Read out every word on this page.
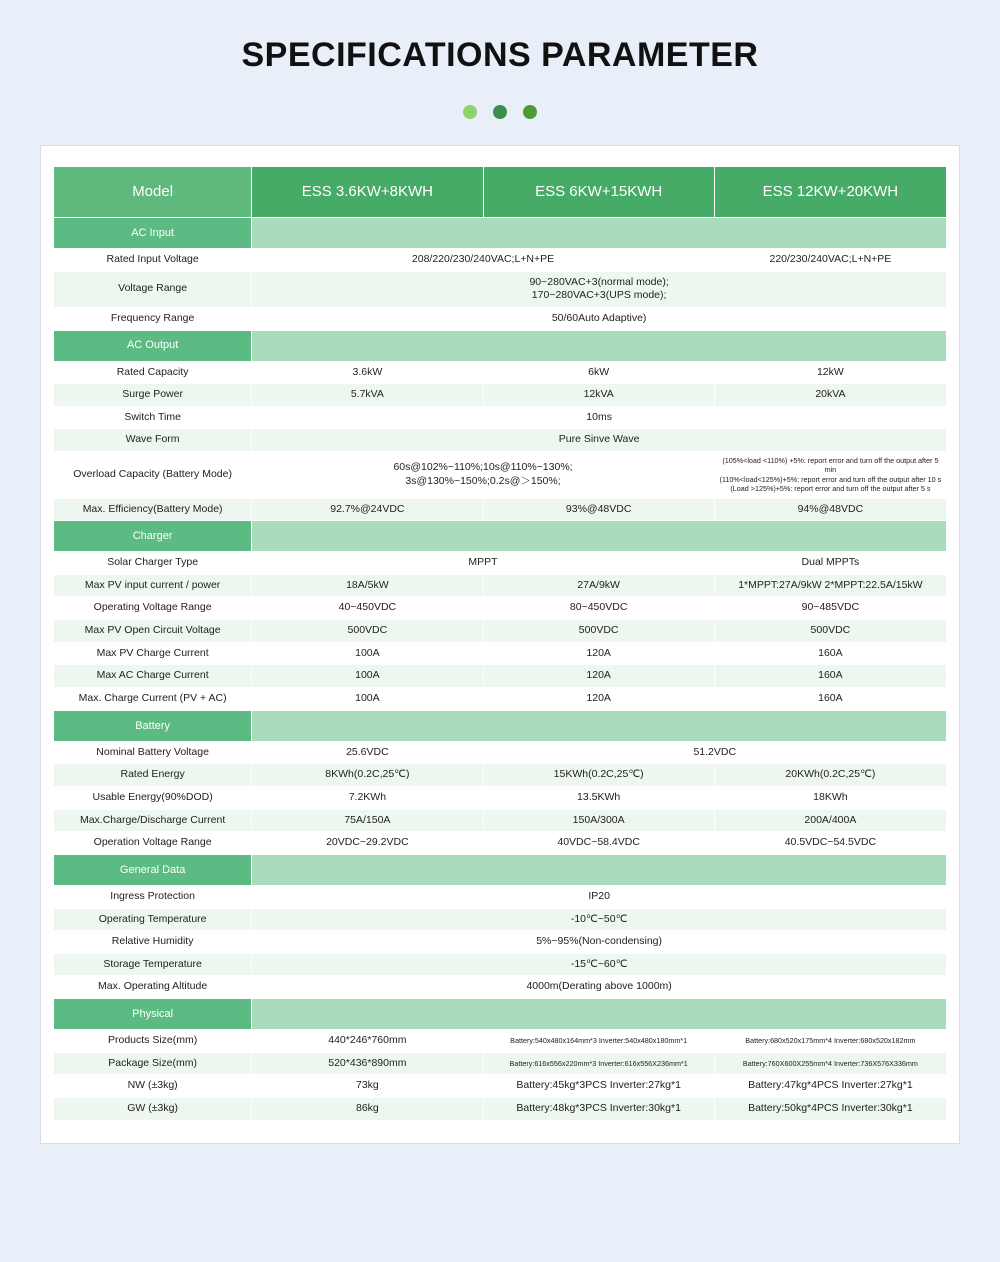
SPECIFICATIONS PARAMETER
Model	ESS 3.6KW+8KWH	ESS 6KW+15KWH	ESS 12KW+20KWH
AC Input			
Rated Input Voltage	208/220/230/240VAC;L+N+PE		220/230/240VAC;L+N+PE
Voltage Range	90~280VAC+3(normal mode);
170~280VAC+3(UPS mode);		
Frequency Range	50/60Auto Adaptive)		
AC Output			
Rated Capacity	3.6kW	6kW	12kW
Surge Power	5.7kVA	12kVA	20kVA
Switch Time	10ms		
Wave Form	Pure Sinve Wave		
Overload Capacity (Battery Mode)	60s@102%~110%;10s@110%~130%;
3s@130%~150%;0.2s@＞150%;		(105%<load <110%) +5%: report error and turn off the output after 5 min
(110%<load<125%)+5%: report error and turn off the output after 10 s
(Load >125%)+5%: report error and turn off the output after 5 s
Max. Efficiency(Battery Mode)	92.7%@24VDC	93%@48VDC	94%@48VDC
Charger			
Solar Charger Type	MPPT		Dual MPPTs
Max PV input current / power	18A/5kW	27A/9kW	1*MPPT:27A/9kW 2*MPPT:22.5A/15kW
Operating Voltage Range	40~450VDC	80~450VDC	90~485VDC
Max PV Open Circuit Voltage	500VDC	500VDC	500VDC
Max PV Charge Current	100A	120A	160A
Max AC Charge Current	100A	120A	160A
Max. Charge Current (PV + AC)	100A	120A	160A
Battery			
Nominal Battery Voltage	25.6VDC	51.2VDC	
Rated Energy	8KWh(0.2C,25℃)	15KWh(0.2C,25℃)	20KWh(0.2C,25℃)
Usable Energy(90%DOD)	7.2KWh	13.5KWh	18KWh
Max.Charge/Discharge Current	75A/150A	150A/300A	200A/400A
Operation Voltage Range	20VDC~29.2VDC	40VDC~58.4VDC	40.5VDC~54.5VDC
General Data			
Ingress Protection	IP20		
Operating Temperature	-10℃~50℃		
Relative Humidity	5%~95%(Non-condensing)		
Storage Temperature	-15℃~60℃		
Max. Operating Altitude	4000m(Derating above 1000m)		
Physical			
Products Size(mm)	440*246*760mm	Battery:540x480x164mm*3 Inverter:540x480x180mm*1	Battery:680x520x175mm*4 Inverter:680x520x182mm
Package Size(mm)	520*436*890mm	Battery:616x556x220mm*3 Inverter:616x556X236mm*1	Battery:760X600X255mm*4 Inverter:736X576X336mm
NW (±3kg)	73kg	Battery:45kg*3PCS Inverter:27kg*1	Battery:47kg*4PCS Inverter:27kg*1
GW (±3kg)	86kg	Battery:48kg*3PCS Inverter:30kg*1	Battery:50kg*4PCS Inverter:30kg*1
